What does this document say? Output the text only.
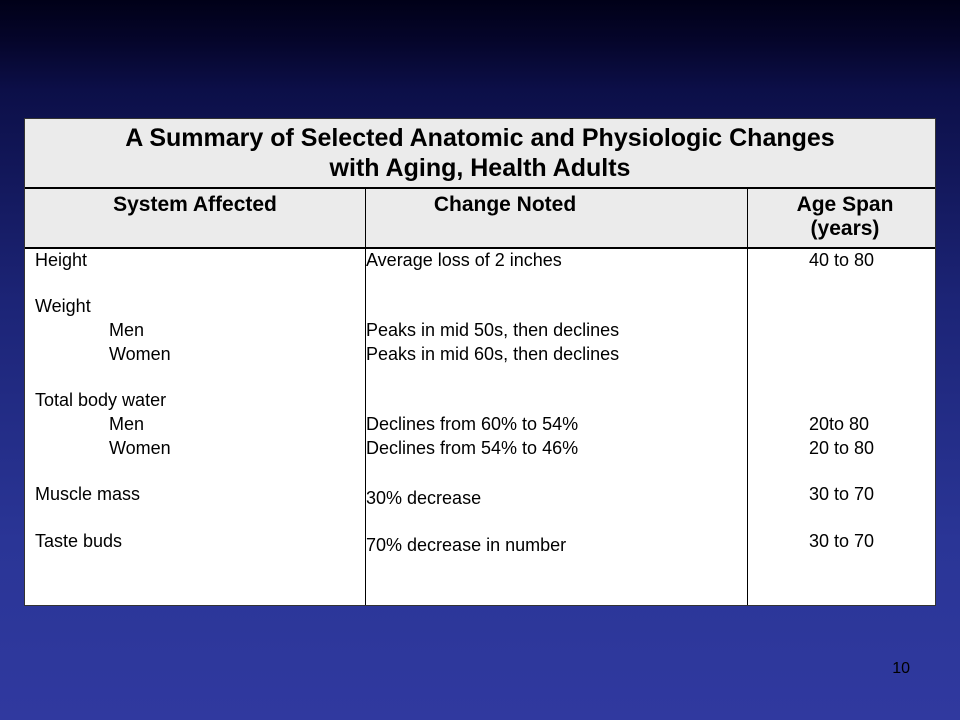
A Summary of Selected Anatomic and Physiologic Changes
with Aging, Health Adults
System Affected	Change Noted	Age Span
(years)
Height	Average loss of 2 inches	40 to 80
Weight
Men	Peaks in mid 50s, then declines
Women	Peaks in mid 60s, then declines
Total body water
Men	Declines from 60% to 54%	20to 80
Women	Declines from 54% to 46%	20 to 80
Muscle mass	30% decrease	30 to 70
Taste buds	70% decrease in number	30 to 70
10
